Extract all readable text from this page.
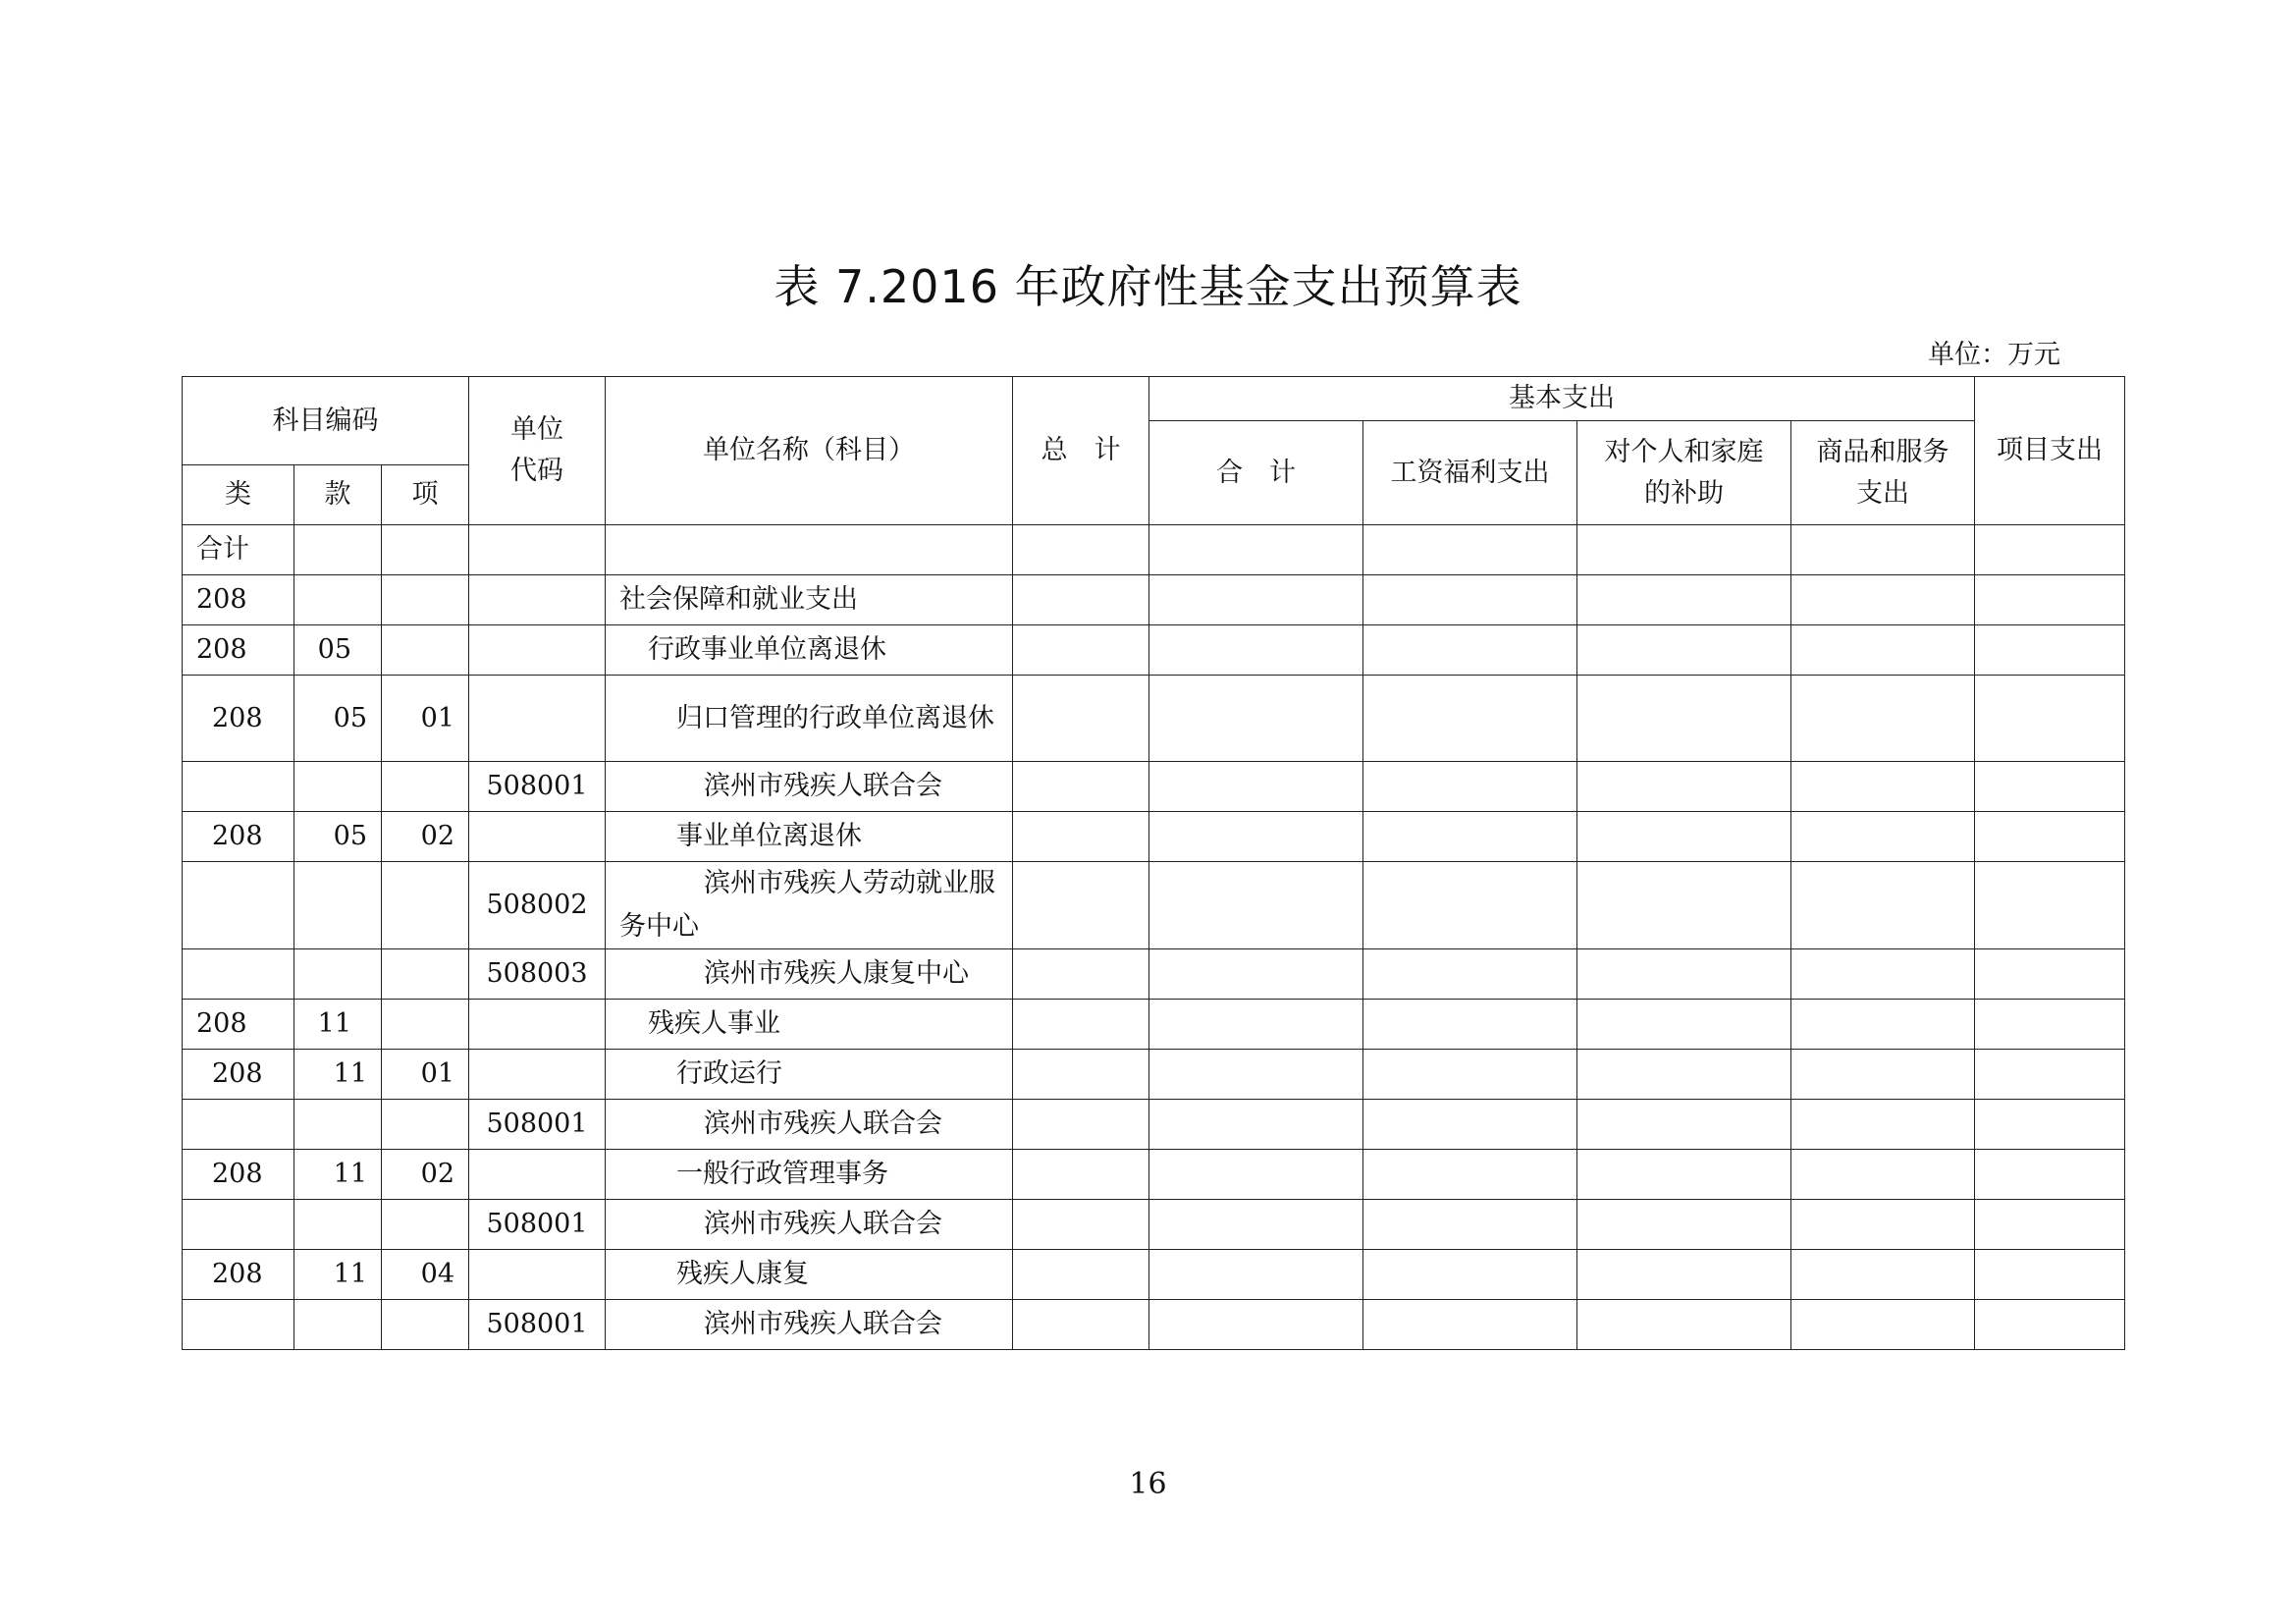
表 7.2016 年政府性基金支出预算表
单位：万元
科目编码			单位代码	单位名称（科目）	总　计	基本支出				项目支出
						合　计	工资福利支出	对个人和家庭的补助	商品和服务支出	
类	款	项								
合计										
208				社会保障和就业支出						
208	05			行政事业单位离退休						
208	05	01		归口管理的行政单位离退休						
			508001	滨州市残疾人联合会						
208	05	02		事业单位离退休						
			508002	滨州市残疾人劳动就业服务中心						
			508003	滨州市残疾人康复中心						
208	11			残疾人事业						
208	11	01		行政运行						
			508001	滨州市残疾人联合会						
208	11	02		一般行政管理事务						
			508001	滨州市残疾人联合会						
208	11	04		残疾人康复						
			508001	滨州市残疾人联合会						
16
